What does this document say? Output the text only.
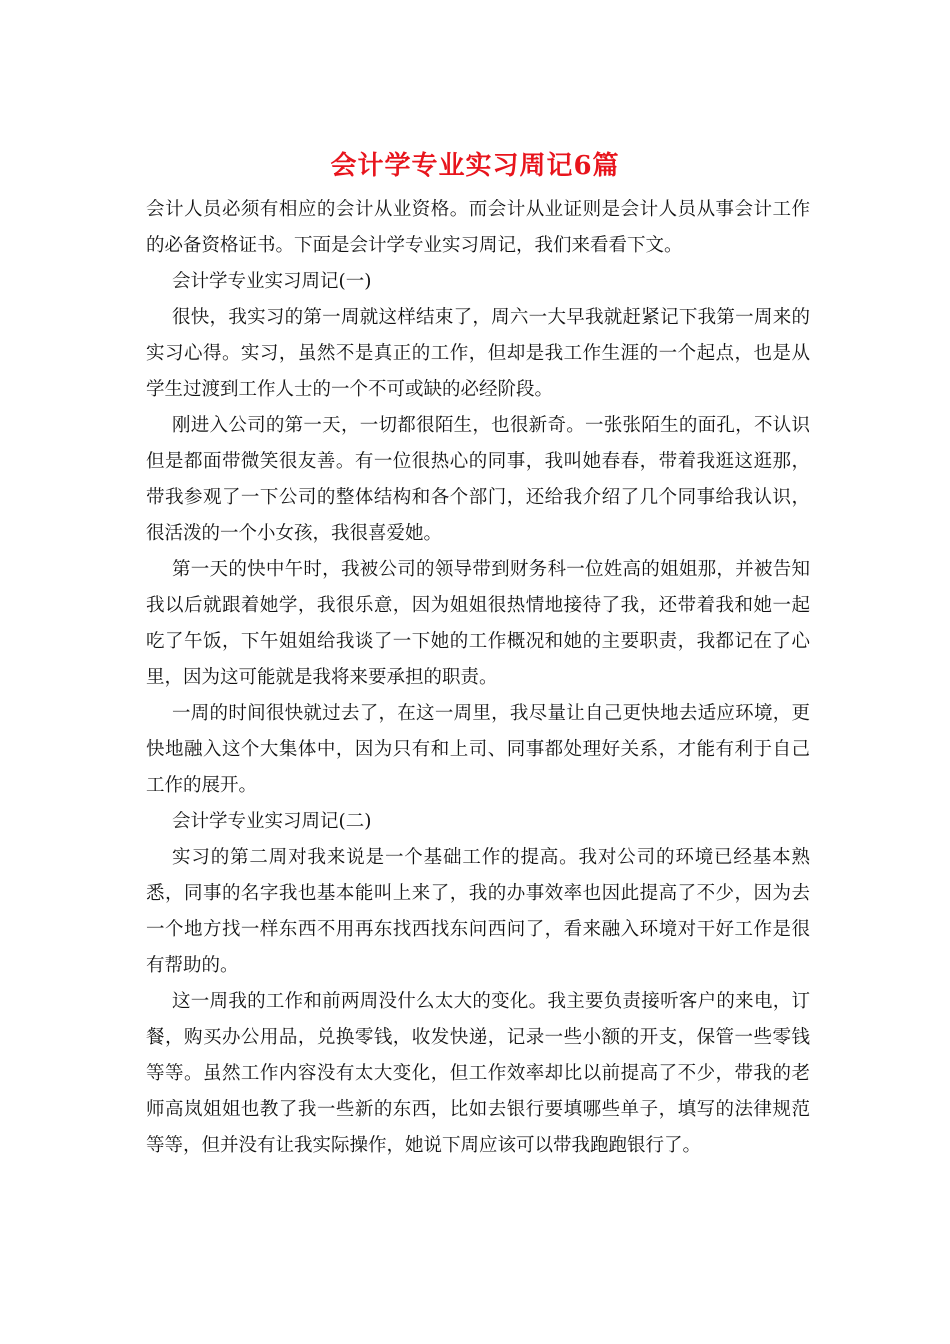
会计学专业实习周记6篇

会计人员必须有相应的会计从业资格。而会计从业证则是会计人员从事会计工作的必备资格证书。下面是会计学专业实习周记，我们来看看下文。

会计学专业实习周记(一)

很快，我实习的第一周就这样结束了，周六一大早我就赶紧记下我第一周来的实习心得。实习，虽然不是真正的工作，但却是我工作生涯的一个起点，也是从学生过渡到工作人士的一个不可或缺的必经阶段。

刚进入公司的第一天，一切都很陌生，也很新奇。一张张陌生的面孔，不认识但是都面带微笑很友善。有一位很热心的同事，我叫她春春，带着我逛这逛那，带我参观了一下公司的整体结构和各个部门，还给我介绍了几个同事给我认识，很活泼的一个小女孩，我很喜爱她。

第一天的快中午时，我被公司的领导带到财务科一位姓高的姐姐那，并被告知我以后就跟着她学，我很乐意，因为姐姐很热情地接待了我，还带着我和她一起吃了午饭，下午姐姐给我谈了一下她的工作概况和她的主要职责，我都记在了心里，因为这可能就是我将来要承担的职责。

一周的时间很快就过去了，在这一周里，我尽量让自己更快地去适应环境，更快地融入这个大集体中，因为只有和上司、同事都处理好关系，才能有利于自己工作的展开。

会计学专业实习周记(二)

实习的第二周对我来说是一个基础工作的提高。我对公司的环境已经基本熟悉，同事的名字我也基本能叫上来了，我的办事效率也因此提高了不少，因为去一个地方找一样东西不用再东找西找东问西问了，看来融入环境对干好工作是很有帮助的。

这一周我的工作和前两周没什么太大的变化。我主要负责接听客户的来电，订餐，购买办公用品，兑换零钱，收发快递，记录一些小额的开支，保管一些零钱等等。虽然工作内容没有太大变化，但工作效率却比以前提高了不少，带我的老师高岚姐姐也教了我一些新的东西，比如去银行要填哪些单子，填写的法律规范等等，但并没有让我实际操作，她说下周应该可以带我跑跑银行了。
